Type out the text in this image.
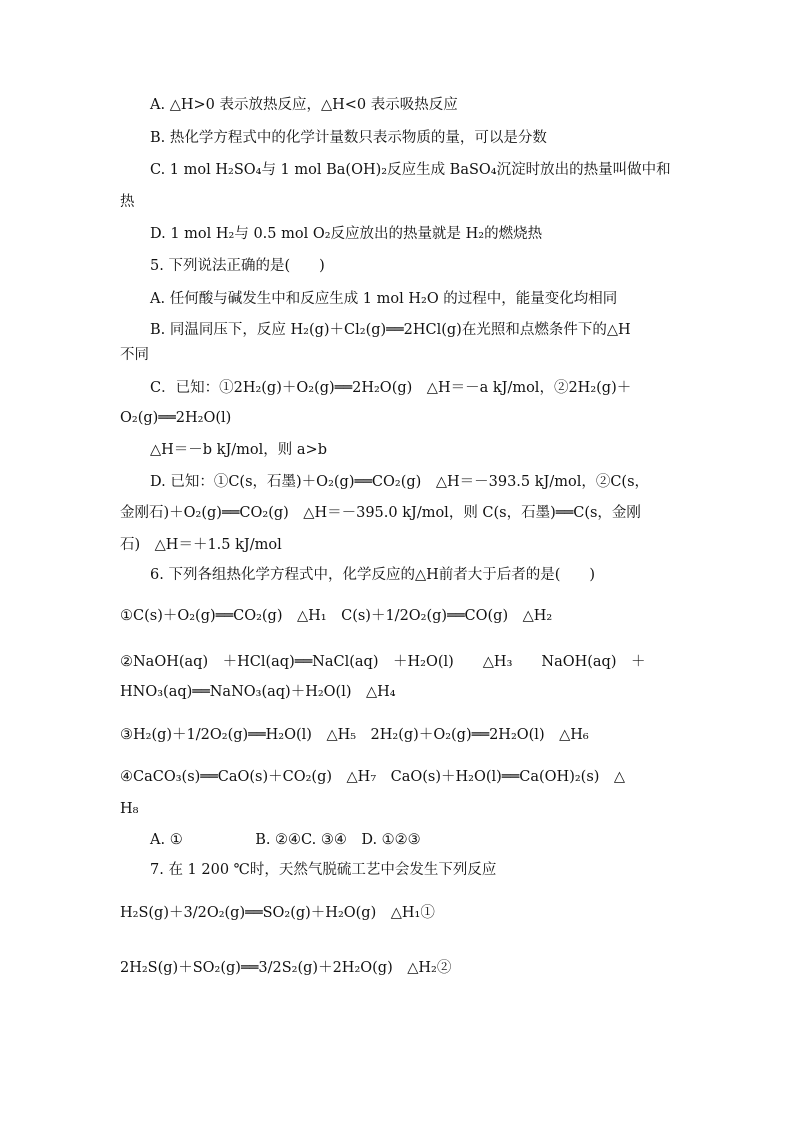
A. △H>0 表示放热反应，△H<0 表示吸热反应
B. 热化学方程式中的化学计量数只表示物质的量，可以是分数
C. 1 mol H₂SO₄与 1 mol Ba(OH)₂反应生成 BaSO₄沉淀时放出的热量叫做中和
热
D. 1 mol H₂与 0.5 mol O₂反应放出的热量就是 H₂的燃烧热
5. 下列说法正确的是(　　)
A. 任何酸与碱发生中和反应生成 1 mol H₂O 的过程中，能量变化均相同
B. 同温同压下，反应 H₂(g)＋Cl₂(g)══2HCl(g)在光照和点燃条件下的△H
不同
C．已知：①2H₂(g)＋O₂(g)══2H₂O(g)　△H＝－a kJ/mol，②2H₂(g)＋
O₂(g)══2H₂O(l)
△H＝－b kJ/mol，则 a>b
D. 已知：①C(s，石墨)＋O₂(g)══CO₂(g)　△H＝－393.5 kJ/mol，②C(s，
金刚石)＋O₂(g)══CO₂(g)　△H＝－395.0 kJ/mol，则 C(s，石墨)══C(s，金刚
石)　△H＝＋1.5 kJ/mol
6. 下列各组热化学方程式中，化学反应的△H前者大于后者的是(　　)
①C(s)＋O₂(g)══CO₂(g)　△H₁　C(s)＋1/2O₂(g)══CO(g)　△H₂
②NaOH(aq)　＋HCl(aq)══NaCl(aq)　＋H₂O(l)　　△H₃　　NaOH(aq)　＋
HNO₃(aq)══NaNO₃(aq)＋H₂O(l)　△H₄
③H₂(g)＋1/2O₂(g)══H₂O(l)　△H₅　2H₂(g)＋O₂(g)══2H₂O(l)　△H₆
④CaCO₃(s)══CaO(s)＋CO₂(g)　△H₇　CaO(s)＋H₂O(l)══Ca(OH)₂(s)　△
H₈
A. ①　　　　　B. ②④C. ③④　D. ①②③
7. 在 1 200 ℃时，天然气脱硫工艺中会发生下列反应
H₂S(g)＋3/2O₂(g)══SO₂(g)＋H₂O(g)　△H₁①
2H₂S(g)＋SO₂(g)══3/2S₂(g)＋2H₂O(g)　△H₂②
